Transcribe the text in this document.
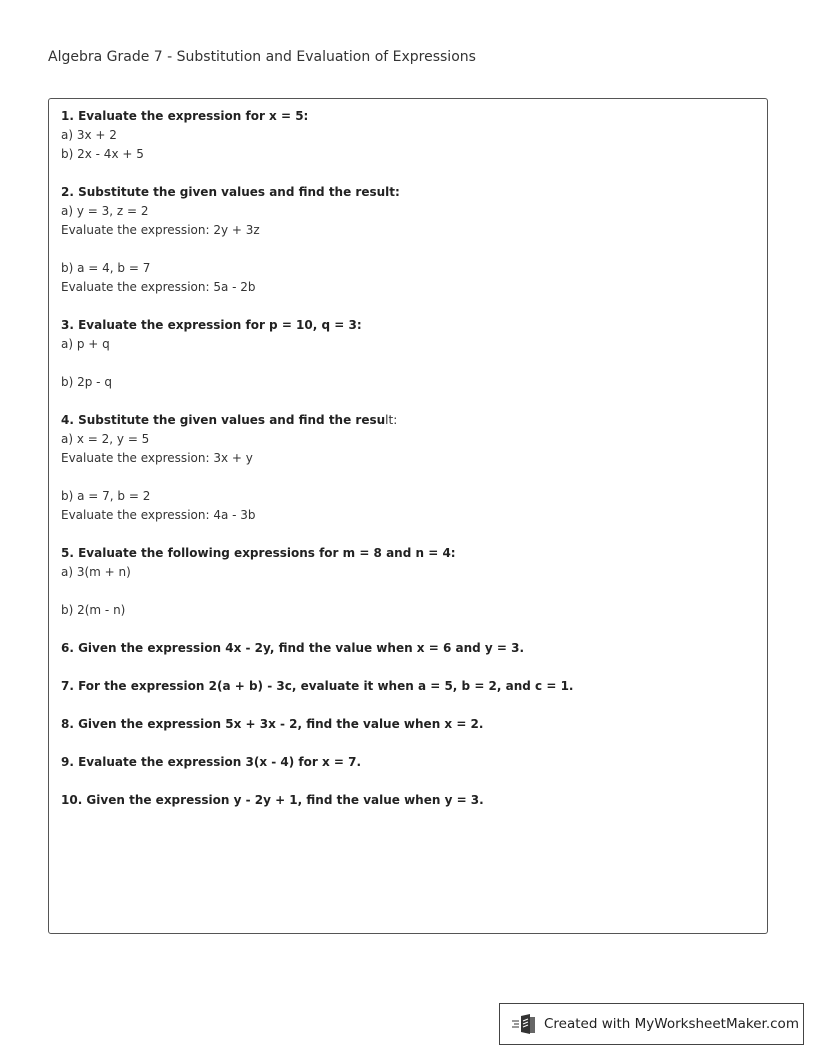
Algebra Grade 7 - Substitution and Evaluation of Expressions
1. Evaluate the expression for x = 5:
a) 3x + 2
b) 2x - 4x + 5
2. Substitute the given values and find the result:
a) y = 3, z = 2
Evaluate the expression: 2y + 3z
b) a = 4, b = 7
Evaluate the expression: 5a - 2b
3. Evaluate the expression for p = 10, q = 3:
a) p + q
b) 2p - q
4. Substitute the given values and find the result:
a) x = 2, y = 5
Evaluate the expression: 3x + y
b) a = 7, b = 2
Evaluate the expression: 4a - 3b
5. Evaluate the following expressions for m = 8 and n = 4:
a) 3(m + n)
b) 2(m - n)
6. Given the expression 4x - 2y, find the value when x = 6 and y = 3.
7. For the expression 2(a + b) - 3c, evaluate it when a = 5, b = 2, and c = 1.
8. Given the expression 5x + 3x - 2, find the value when x = 2.
9. Evaluate the expression 3(x - 4) for x = 7.
10. Given the expression y - 2y + 1, find the value when y = 3.
Created with MyWorksheetMaker.com
